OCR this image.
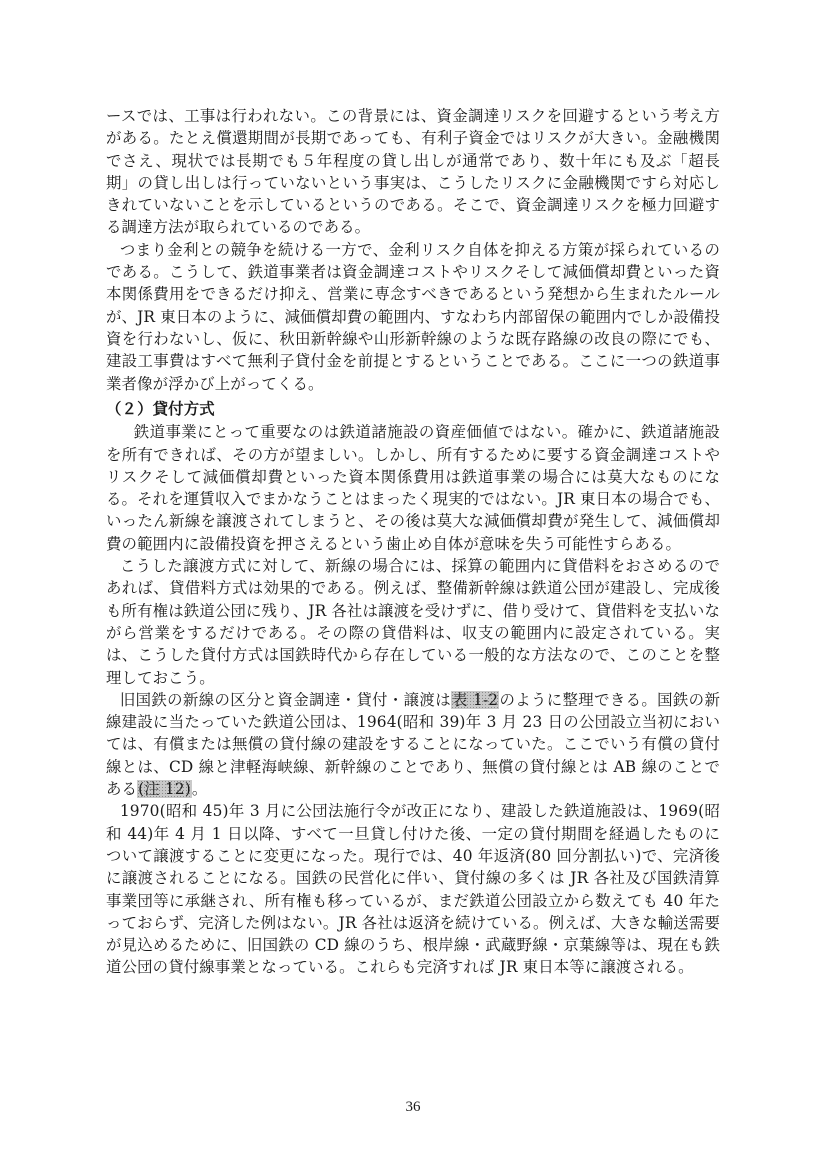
ースでは、工事は行われない。この背景には、資金調達リスクを回避するという考え方がある。たとえ償還期間が長期であっても、有利子資金ではリスクが大きい。金融機関でさえ、現状では長期でも５年程度の貸し出しが通常であり、数十年にも及ぶ「超長期」の貸し出しは行っていないという事実は、こうしたリスクに金融機関ですら対応しきれていないことを示しているというのである。そこで、資金調達リスクを極力回避する調達方法が取られているのである。

つまり金利との競争を続ける一方で、金利リスク自体を抑える方策が採られているのである。こうして、鉄道事業者は資金調達コストやリスクそして減価償却費といった資本関係費用をできるだけ抑え、営業に専念すべきであるという発想から生まれたルールが、JR 東日本のように、減価償却費の範囲内、すなわち内部留保の範囲内でしか設備投資を行わないし、仮に、秋田新幹線や山形新幹線のような既存路線の改良の際にでも、建設工事費はすべて無利子貸付金を前提とするということである。ここに一つの鉄道事業者像が浮かび上がってくる。

（２）貸付方式

鉄道事業にとって重要なのは鉄道諸施設の資産価値ではない。確かに、鉄道諸施設を所有できれば、その方が望ましい。しかし、所有するために要する資金調達コストやリスクそして減価償却費といった資本関係費用は鉄道事業の場合には莫大なものになる。それを運賃収入でまかなうことはまったく現実的ではない。JR 東日本の場合でも、いったん新線を譲渡されてしまうと、その後は莫大な減価償却費が発生して、減価償却費の範囲内に設備投資を押さえるという歯止め自体が意味を失う可能性すらある。

こうした譲渡方式に対して、新線の場合には、採算の範囲内に貸借料をおさめるのであれば、貸借料方式は効果的である。例えば、整備新幹線は鉄道公団が建設し、完成後も所有権は鉄道公団に残り、JR 各社は譲渡を受けずに、借り受けて、貸借料を支払いながら営業をするだけである。その際の貸借料は、収支の範囲内に設定されている。実は、こうした貸付方式は国鉄時代から存在している一般的な方法なので、このことを整理しておこう。

旧国鉄の新線の区分と資金調達・貸付・譲渡は表 1-2のように整理できる。国鉄の新線建設に当たっていた鉄道公団は、1964(昭和 39)年 3 月 23 日の公団設立当初においては、有償または無償の貸付線の建設をすることになっていた。ここでいう有償の貸付線とは、CD 線と津軽海峡線、新幹線のことであり、無償の貸付線とは AB 線のことである(注 12)。

1970(昭和 45)年 3 月に公団法施行令が改正になり、建設した鉄道施設は、1969(昭和 44)年 4 月 1 日以降、すべて一旦貸し付けた後、一定の貸付期間を経過したものについて譲渡することに変更になった。現行では、40 年返済(80 回分割払い)で、完済後に譲渡されることになる。国鉄の民営化に伴い、貸付線の多くは JR 各社及び国鉄清算事業団等に承継され、所有権も移っているが、まだ鉄道公団設立から数えても 40 年たっておらず、完済した例はない。JR 各社は返済を続けている。例えば、大きな輸送需要が見込めるために、旧国鉄の CD 線のうち、根岸線・武蔵野線・京葉線等は、現在も鉄道公団の貸付線事業となっている。これらも完済すれば JR 東日本等に譲渡される。

36
